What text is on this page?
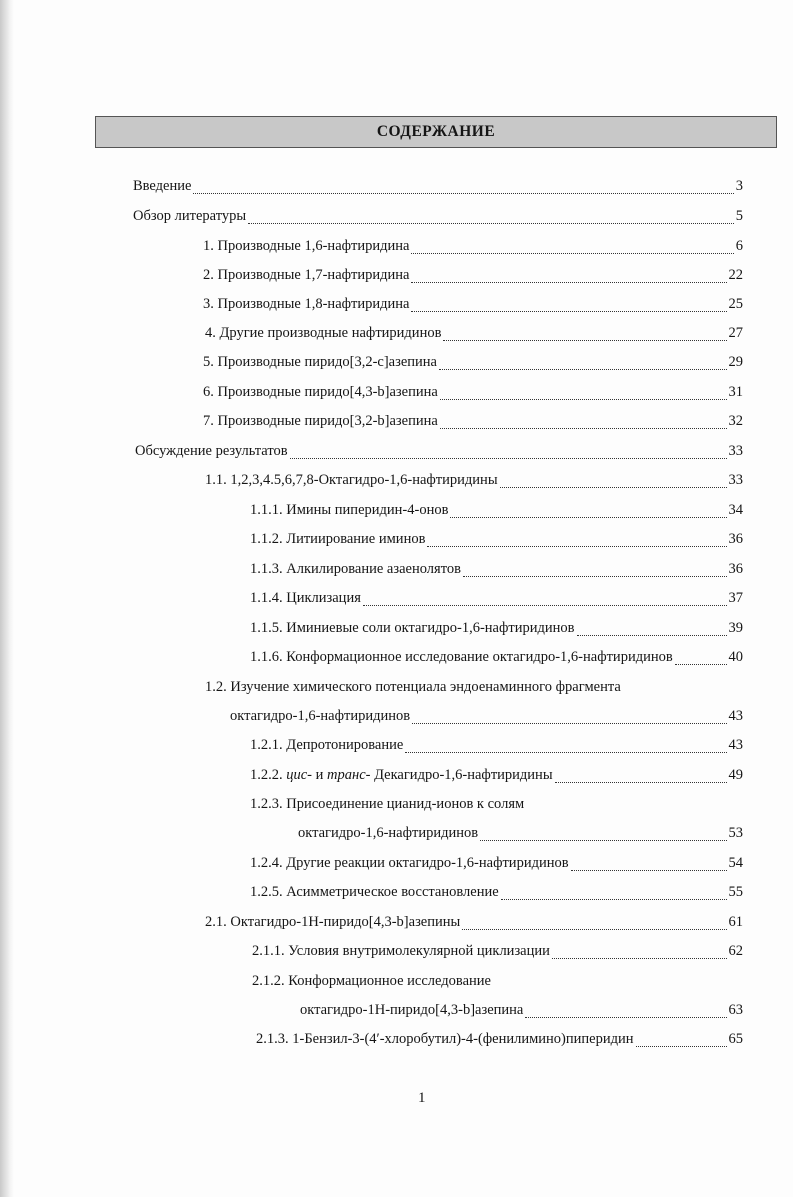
СОДЕРЖАНИЕ
Введение	3
Обзор литературы	5
1. Производные 1,6-нафтиридина	6
2. Производные 1,7-нафтиридина	22
3. Производные 1,8-нафтиридина	25
4. Другие производные нафтиридинов	27
5. Производные пиридо[3,2-c]азепина	29
6. Производные пиридо[4,3-b]азепина	31
7. Производные пиридо[3,2-b]азепина	32
Обсуждение результатов	33
1.1. 1,2,3,4.5,6,7,8-Октагидро-1,6-нафтиридины	33
1.1.1. Имины пиперидин-4-онов	34
1.1.2. Литиирование иминов	36
1.1.3. Алкилирование азаенолятов	36
1.1.4. Циклизация	37
1.1.5. Иминиевые соли октагидро-1,6-нафтиридинов	39
1.1.6. Конформационное исследование октагидро-1,6-нафтиридинов	40
1.2. Изучение химического потенциала эндоенаминного фрагмента
октагидро-1,6-нафтиридинов	43
1.2.1. Депротонирование	43
1.2.2. цис- и транс- Декагидро-1,6-нафтиридины	49
1.2.3. Присоединение цианид-ионов к солям
октагидро-1,6-нафтиридинов	53
1.2.4. Другие реакции октагидро-1,6-нафтиридинов	54
1.2.5. Асимметрическое восстановление	55
2.1. Октагидро-1Н-пиридо[4,3-b]азепины	61
2.1.1. Условия внутримолекулярной циклизации	62
2.1.2. Конформационное исследование
октагидро-1Н-пиридо[4,3-b]азепина	63
2.1.3. 1-Бензил-3-(4′-хлоробутил)-4-(фенилимино)пиперидин	65
1
